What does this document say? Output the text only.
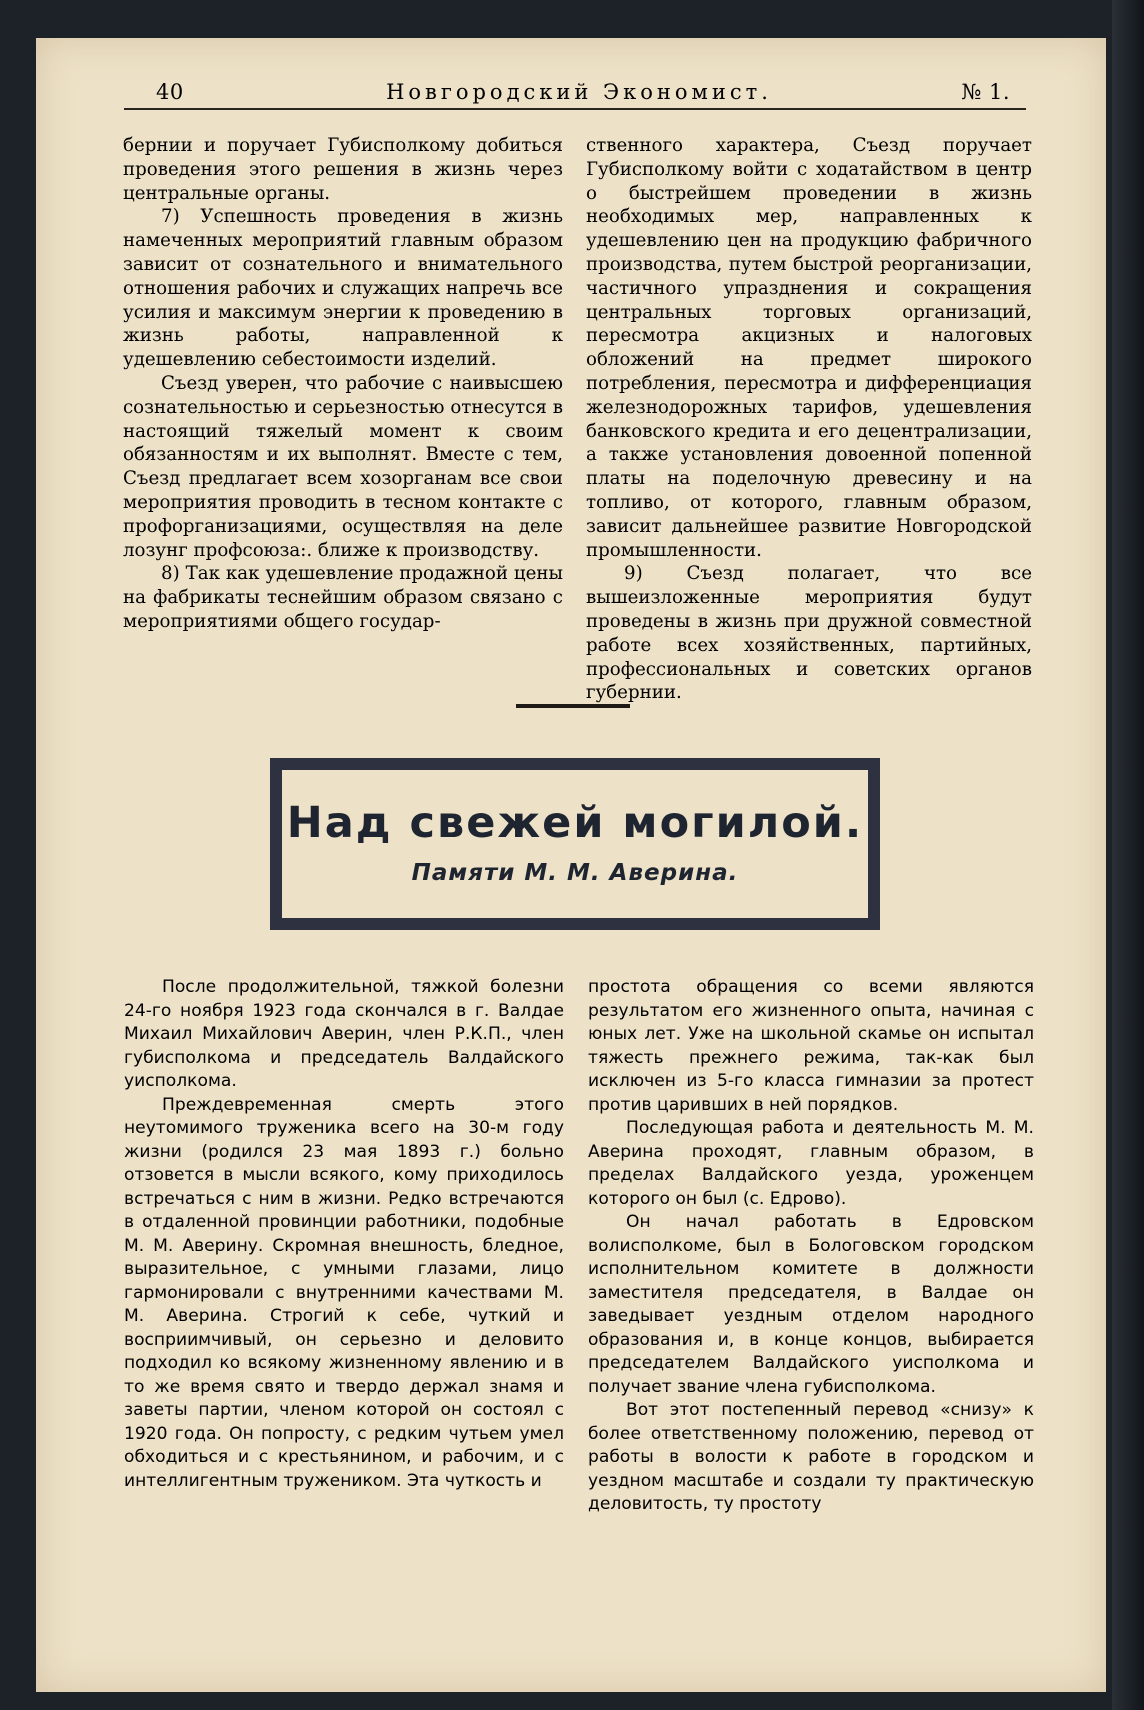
40	Новгородский Экономист.	№ 1.

бернии и поручает Губисполкому добиться проведения этого решения в жизнь через центральные органы.

7) Успешность проведения в жизнь намеченных мероприятий главным образом зависит от сознательного и внимательного отношения рабочих и служащих напречь все усилия и максимум энергии к проведению в жизнь работы, направленной к удешевлению себестоимости изделий.

Съезд уверен, что рабочие с наивысшею сознательностью и серьезностью отнесутся в настоящий тяжелый момент к своим обязанностям и их выполнят. Вместе с тем, Съезд предлагает всем хозорганам все свои мероприятия проводить в тесном контакте с профорганизациями, осуществляя на деле лозунг профсоюза:. ближе к производству.

8) Так как удешевление продажной цены на фабрикаты теснейшим образом связано с мероприятиями общего государ-

ственного характера, Съезд поручает Губисполкому войти с ходатайством в центр о быстрейшем проведении в жизнь необходимых мер, направленных к удешевлению цен на продукцию фабричного производства, путем быстрой реорганизации, частичного упразднения и сокращения центральных торговых организаций, пересмотра акцизных и налоговых обложений на предмет широкого потребления, пересмотра и дифференциация железнодорожных тарифов, удешевления банковского кредита и его децентрализации, а также установления довоенной попенной платы на поделочную древесину и на топливо, от которого, главным образом, зависит дальнейшее развитие Новгородской промышленности.

9) Съезд полагает, что все вышеизложенные мероприятия будут проведены в жизнь при дружной совместной работе всех хозяйственных, партийных, профессиональных и советских органов губернии.

Над свежей могилой.
Памяти М. М. Аверина.

После продолжительной, тяжкой болезни 24-го ноября 1923 года скончался в г. Валдае Михаил Михайлович Аверин, член Р.К.П., член губисполкома и председатель Валдайского уисполкома.

Преждевременная смерть этого неутомимого труженика всего на 30-м году жизни (родился 23 мая 1893 г.) больно отзовется в мысли всякого, кому приходилось встречаться с ним в жизни. Редко встречаются в отдаленной провинции работники, подобные М. М. Аверину. Скромная внешность, бледное, выразительное, с умными глазами, лицо гармонировали с внутренними качествами М. М. Аверина. Строгий к себе, чуткий и восприимчивый, он серьезно и деловито подходил ко всякому жизненному явлению и в то же время свято и твердо держал знамя и заветы партии, членом которой он состоял с 1920 года. Он попросту, с редким чутьем умел обходиться и с крестьянином, и рабочим, и с интеллигентным тружеником. Эта чуткость и

простота обращения со всеми являются результатом его жизненного опыта, начиная с юных лет. Уже на школьной скамье он испытал тяжесть прежнего режима, так-как был исключен из 5-го класса гимназии за протест против царивших в ней порядков.

Последующая работа и деятельность М. М. Аверина проходят, главным образом, в пределах Валдайского уезда, уроженцем которого он был (с. Едрово).

Он начал работать в Едровском волисполкоме, был в Бологовском городском исполнительном комитете в должности заместителя председателя, в Валдае он заведывает уездным отделом народного образования и, в конце концов, выбирается председателем Валдайского уисполкома и получает звание члена губисполкома.

Вот этот постепенный перевод «снизу» к более ответственному положению, перевод от работы в волости к работе в городском и уездном масштабе и создали ту практическую деловитость, ту простоту
